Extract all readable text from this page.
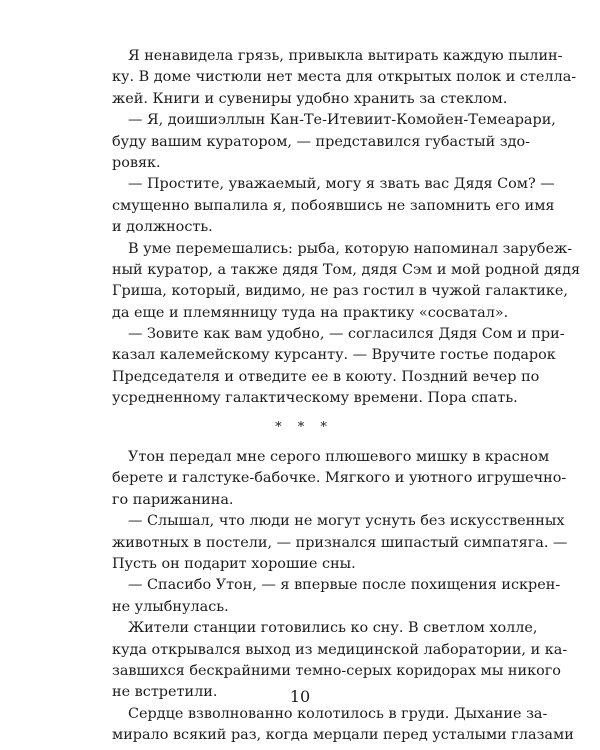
Я ненавидела грязь, привыкла вытирать каждую пылин-
ку. В доме чистюли нет места для открытых полок и стелла-
жей. Книги и сувениры удобно хранить за стеклом.
— Я, доишиэллын Кан-Те-Итевиит-Комойен-Темеарари,
буду вашим куратором, — представился губастый здо-
ровяк.
— Простите, уважаемый, могу я звать вас Дядя Сом? —
смущенно выпалила я, побоявшись не запомнить его имя
и должность.
В уме перемешались: рыба, которую напоминал зарубеж-
ный куратор, а также дядя Том, дядя Сэм и мой родной дядя
Гриша, который, видимо, не раз гостил в чужой галактике,
да еще и племянницу туда на практику «сосватал».
— Зовите как вам удобно, — согласился Дядя Сом и при-
казал калемейскому курсанту. — Вручите гостье подарок
Председателя и отведите ее в коюту. Поздний вечер по
усредненному галактическому времени. Пора спать.
* * *
Утон передал мне серого плюшевого мишку в красном
берете и галстуке-бабочке. Мягкого и уютного игрушечно-
го парижанина.
— Слышал, что люди не могут уснуть без искусственных
животных в постели, — признался шипастый симпатяга. —
Пусть он подарит хорошие сны.
— Спасибо Утон, — я впервые после похищения искрен-
не улыбнулась.
Жители станции готовились ко сну. В светлом холле,
куда открывался выход из медицинской лаборатории, и ка-
завшихся бескрайними темно-серых коридорах мы никого
не встретили.
Сердце взволнованно колотилось в груди. Дыхание за-
мирало всякий раз, когда мерцали перед усталыми глазами
10
